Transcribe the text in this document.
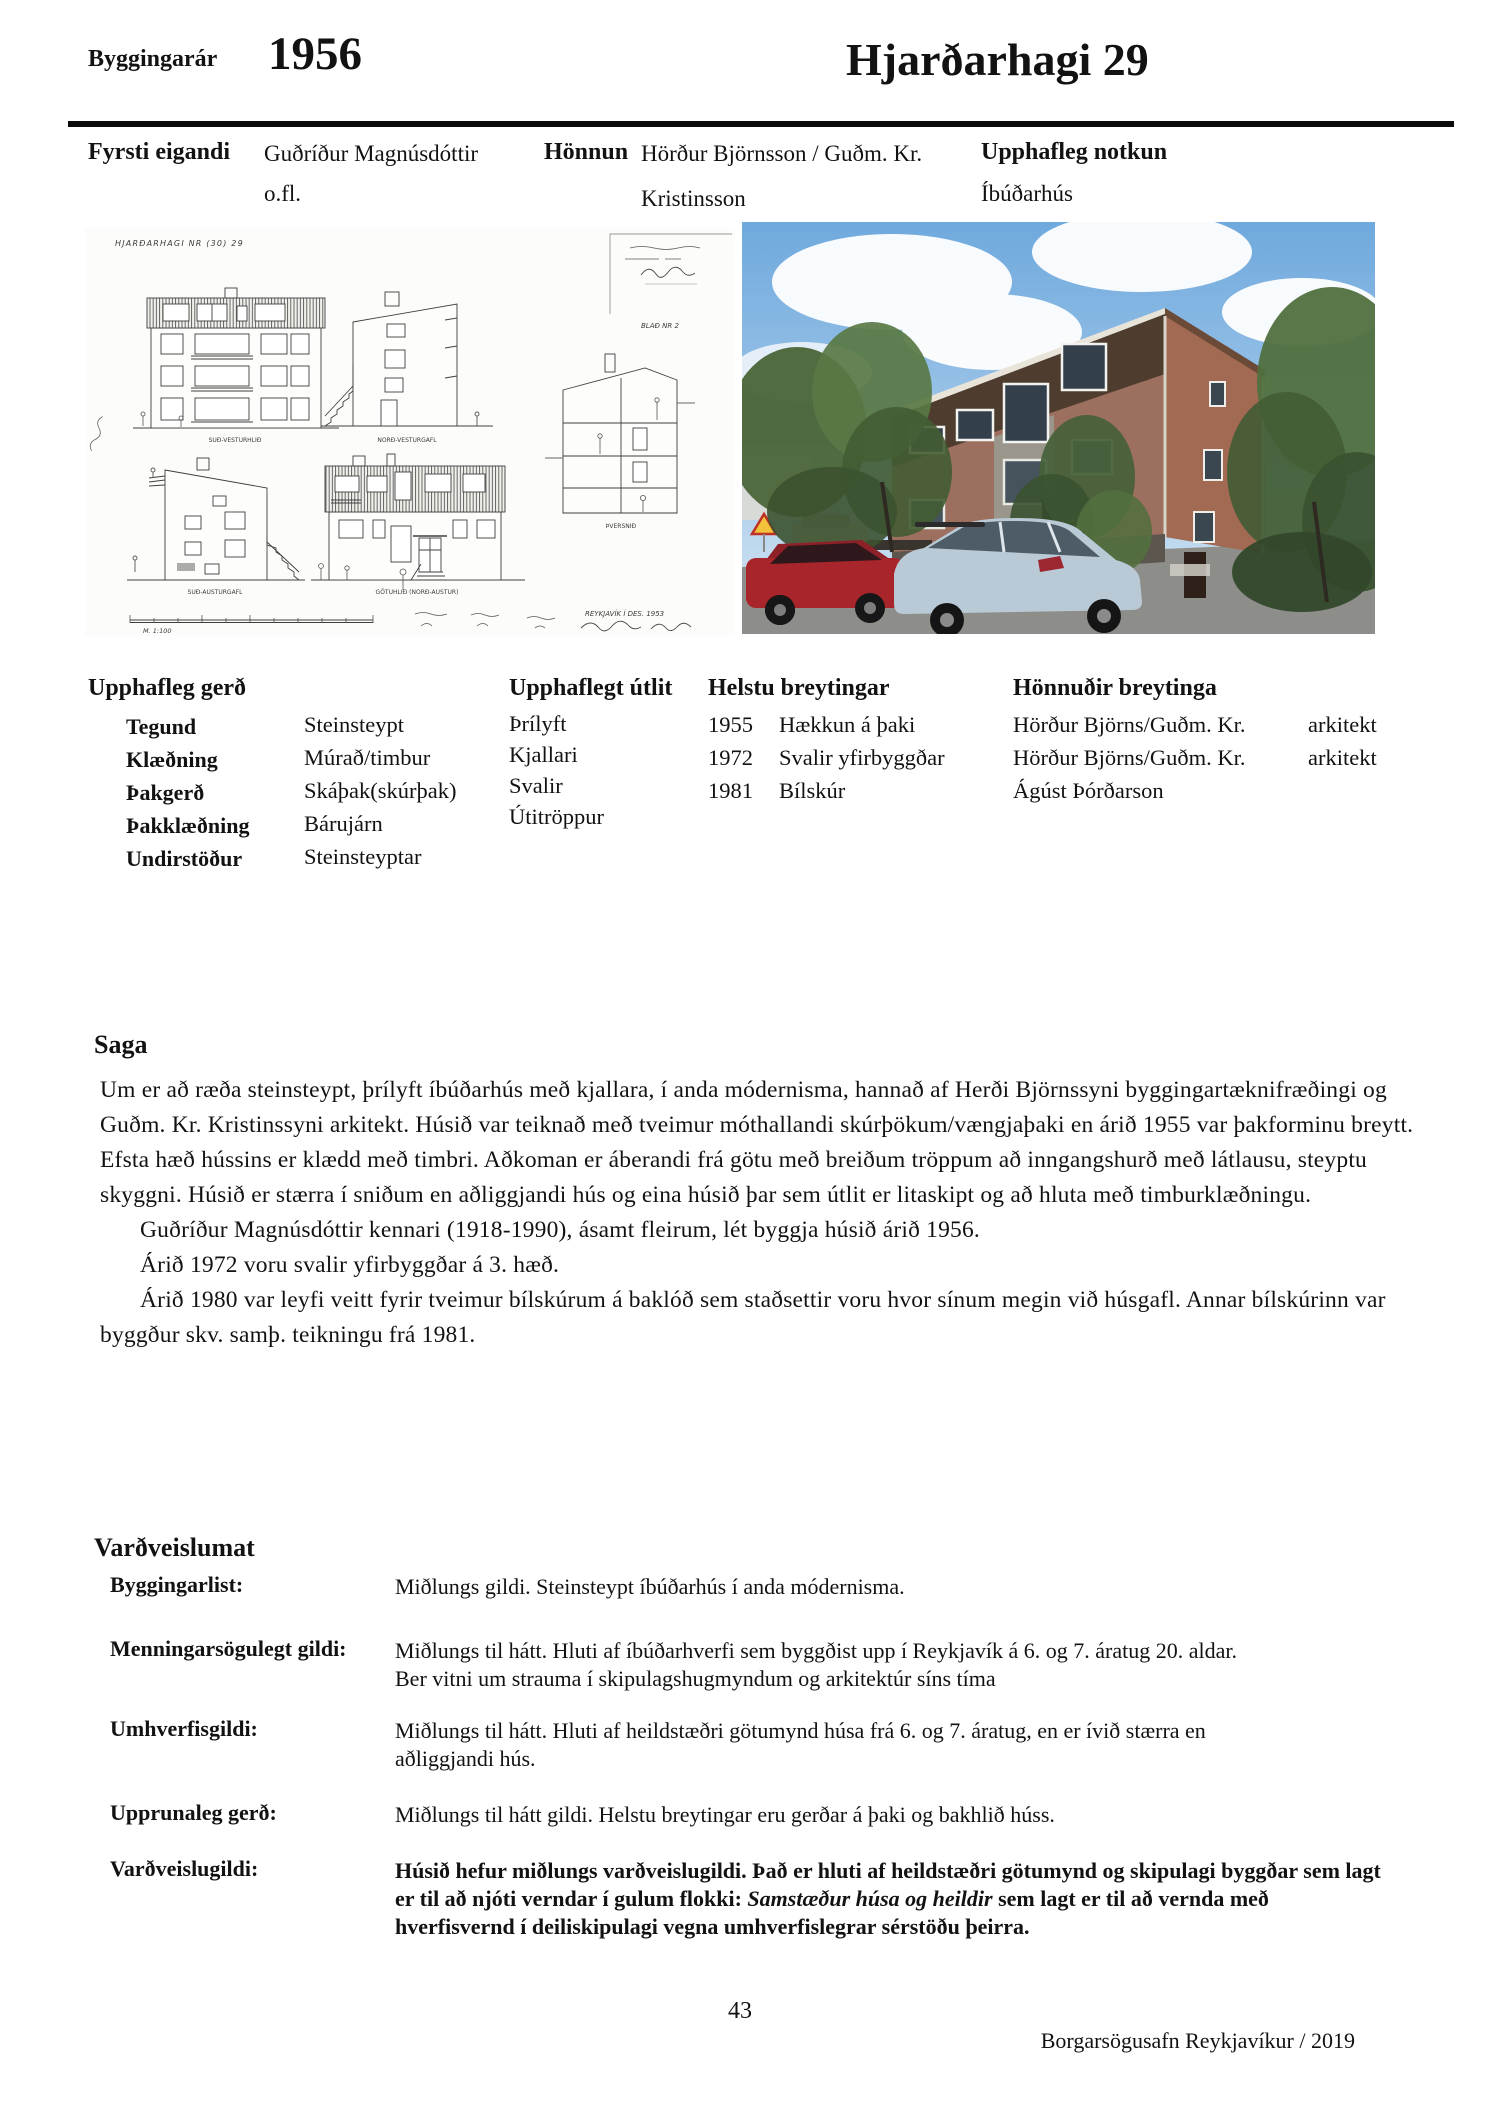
Byggingarár 1956	Hjarðarhagi 29
Fyrsti eigandi Guðríður Magnúsdóttir
o.fl.
Hönnun Hörður Björnsson / Guðm. Kr.
Kristinsson
Upphafleg notkun
Íbúðarhús
HJARÐARHAGI NR (30) 29
BLAÐ NR 2
SUÐ-VESTURHLIÐ	NORÐ-VESTURGAFL
ÞVERSNIÐ
SUÐ-AUSTURGAFL	GÖTUHLIÐ (NORÐ-AUSTUR)
M. 1:100
REYKJAVÍK Í DES. 1953
Upphafleg gerð
Tegund	Steinsteypt
Klæðning	Múrað/timbur
Þakgerð	Skáþak(skúrþak)
Þakklæðning Bárujárn
Undirstöður	Steinsteyptar
Upphaflegt útlit
Þrílyft
Kjallari
Svalir
Útitröppur
Helstu breytingar
1955 Hækkun á þaki
1972 Svalir yfirbyggðar
1981 Bílskúr
Hönnuðir breytinga
Hörður Björns/Guðm. Kr.	arkitekt
Hörður Björns/Guðm. Kr.	arkitekt
Ágúst Þórðarson
Saga

Um er að ræða steinsteypt, þrílyft íbúðarhús með kjallara, í anda módernisma, hannað af Herði Björnssyni byggingartæknifræðingi og Guðm. Kr. Kristinssyni arkitekt. Húsið var teiknað með tveimur móthallandi skúrþökum/vængjaþaki en árið 1955 var þakforminu breytt. Efsta hæð hússins er klædd með timbri. Aðkoman er áberandi frá götu með breiðum tröppum að inngangshurð með látlausu, steyptu skyggni. Húsið er stærra í sniðum en aðliggjandi hús og eina húsið þar sem útlit er litaskipt og að hluta með timburklæðningu.

Guðríður Magnúsdóttir kennari (1918-1990), ásamt fleirum, lét byggja húsið árið 1956.

Árið 1972 voru svalir yfirbyggðar á 3. hæð.

Árið 1980 var leyfi veitt fyrir tveimur bílskúrum á baklóð sem staðsettir voru hvor sínum megin við húsgafl. Annar bílskúrinn var byggður skv. samþ. teikningu frá 1981.

Varðveislumat
Byggingarlist:	Miðlungs gildi. Steinsteypt íbúðarhús í anda módernisma.
Menningarsögulegt gildi: Miðlungs til hátt. Hluti af íbúðarhverfi sem byggðist upp í Reykjavík á 6. og 7. áratug 20. aldar.
Ber vitni um strauma í skipulagshugmyndum og arkitektúr síns tíma
Umhverfisgildi:	Miðlungs til hátt. Hluti af heildstæðri götumynd húsa frá 6. og 7. áratug, en er ívið stærra en
aðliggjandi hús.
Upprunaleg gerð:	Miðlungs til hátt gildi. Helstu breytingar eru gerðar á þaki og bakhlið húss.
Varðveislugildi:	Húsið hefur miðlungs varðveislugildi. Það er hluti af heildstæðri götumynd og skipulagi byggðar sem lagt er til að njóti verndar í gulum flokki: Samstæður húsa og heildir sem lagt er til að vernda með hverfisvernd í deiliskipulagi vegna umhverfislegrar sérstöðu þeirra.
43
Borgarsögusafn Reykjavíkur / 2019
